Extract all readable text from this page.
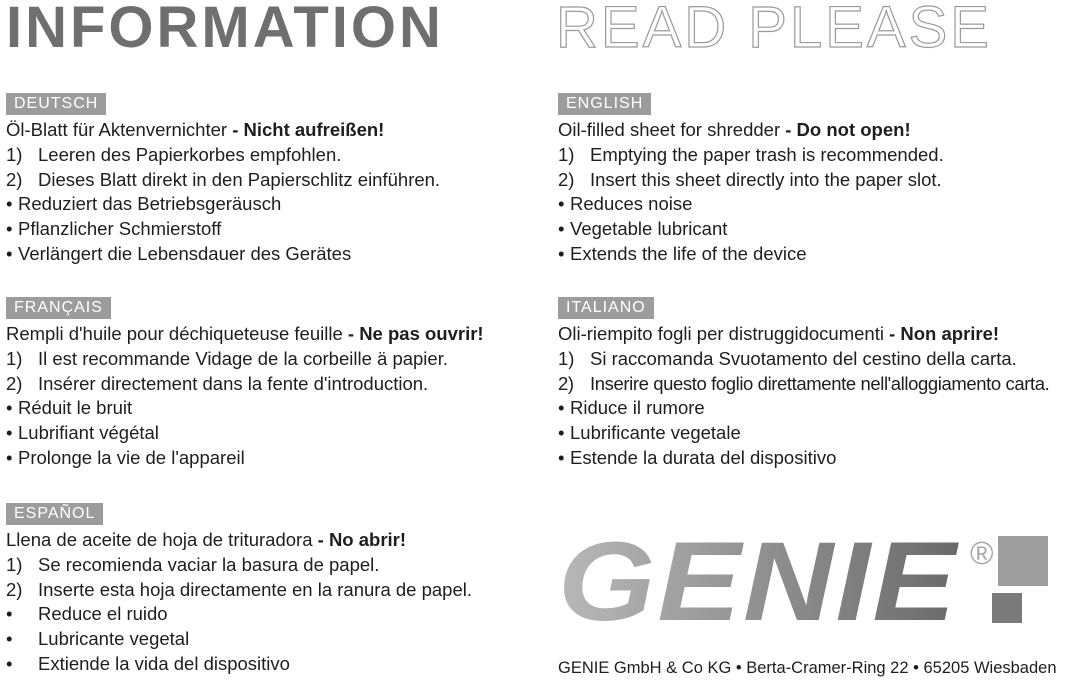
INFORMATION READ PLEASE
DEUTSCH
Öl-Blatt für Aktenvernichter - Nicht aufreißen!
1) Leeren des Papierkorbes empfohlen.
2) Dieses Blatt direkt in den Papierschlitz einführen.
• Reduziert das Betriebsgeräusch
• Pflanzlicher Schmierstoff
• Verlängert die Lebensdauer des Gerätes
ENGLISH
Oil-filled sheet for shredder - Do not open!
1) Emptying the paper trash is recommended.
2) Insert this sheet directly into the paper slot.
• Reduces noise
• Vegetable lubricant
• Extends the life of the device
FRANÇAIS
Rempli d'huile pour déchiqueteuse feuille - Ne pas ouvrir!
1) Il est recommande Vidage de la corbeille ä papier.
2) Insérer directement dans la fente d'introduction.
• Réduit le bruit
• Lubrifiant végétal
• Prolonge la vie de l'appareil
ITALIANO
Oli-riempito fogli per distruggidocumenti - Non aprire!
1) Si raccomanda Svuotamento del cestino della carta.
2) Inserire questo foglio direttamente nell'alloggiamento carta.
• Riduce il rumore
• Lubrificante vegetale
• Estende la durata del dispositivo
ESPAÑOL
Llena de aceite de hoja de trituradora - No abrir!
1) Se recomienda vaciar la basura de papel.
2) Inserte esta hoja directamente en la ranura de papel.
• Reduce el ruido
• Lubricante vegetal
• Extiende la vida del dispositivo
GENIE ®
GENIE GmbH & Co KG • Berta-Cramer-Ring 22 • 65205 Wiesbaden
